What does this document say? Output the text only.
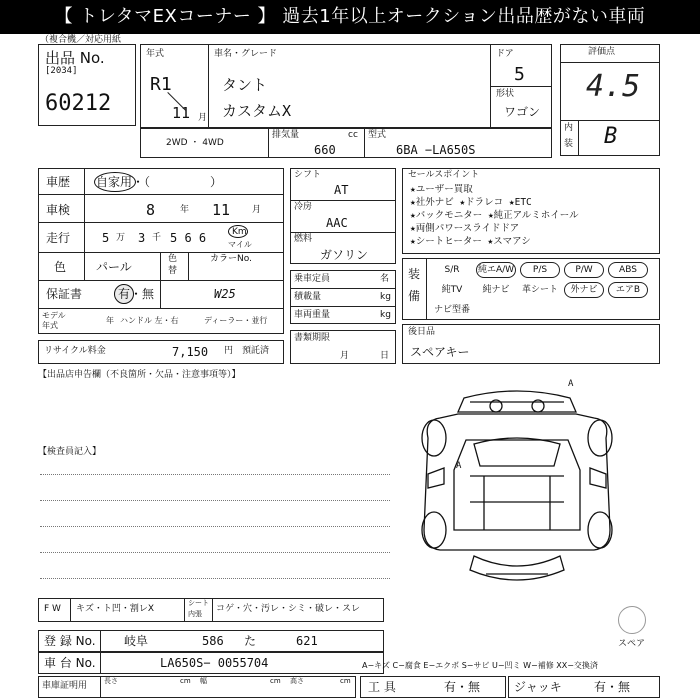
【 トレタマEXコーナー 】 過去1年以上オークション出品歴がない車両
（複合機／対応用紙
出品 No.
[2034]
60212
年式
R1
11 月
車名・グレード
タント
カスタムX
ドア
5
形状
ワゴン
評価点
4.5
内
装 B
2WD ・ 4WD
排気量	cc
660
型式
6BA −LA650S
車歴 自家用・（　　　　　）
車検	8	年 11 月
走行	5 万 3 千 5 6 6	Km
マイル
色 パール
色
替
カラーNo.
保証書	有・無	W25
モデル
年式
年 ハンドル 左・右	ディーラー・並行
リサイクル料金	7,150 円 預託済
シフト
AT
冷房
AAC
燃料
ガソリン
乗車定員	名
積載量	kg
車両重量	kg
書類期限
月	日
セールスポイント
★ユーザー買取
★社外ナビ ★ドラレコ ★ETC
★バックモニター ★純正アルミホイール
★両側パワースライドドア
★シートヒーター ★スマアシ
装
備
S/R	純エA/W	P/S	P/W	ABS
純TV	純ナビ	革シート	外ナビ	エアB
ナビ型番
後日品
スペアキー
【出品店申告欄（不良箇所・欠品・注意事項等）】
【検査員記入】
A
A
スペア
F W キズ・ト凹・割レX
シート
内張 コゲ・穴・汚レ・シミ・破レ・スレ
登 録 No. 岐阜	586 た	621
車 台 No.	LA650S− 0055704	A−キズ C−腐食 E−エクボ S−サビ U−凹ミ W−補修 XX−交換済
車庫証明用 長さ	cm 幅	cm 高さ	cm 工 具	有・無	ジャッキ	有・無
